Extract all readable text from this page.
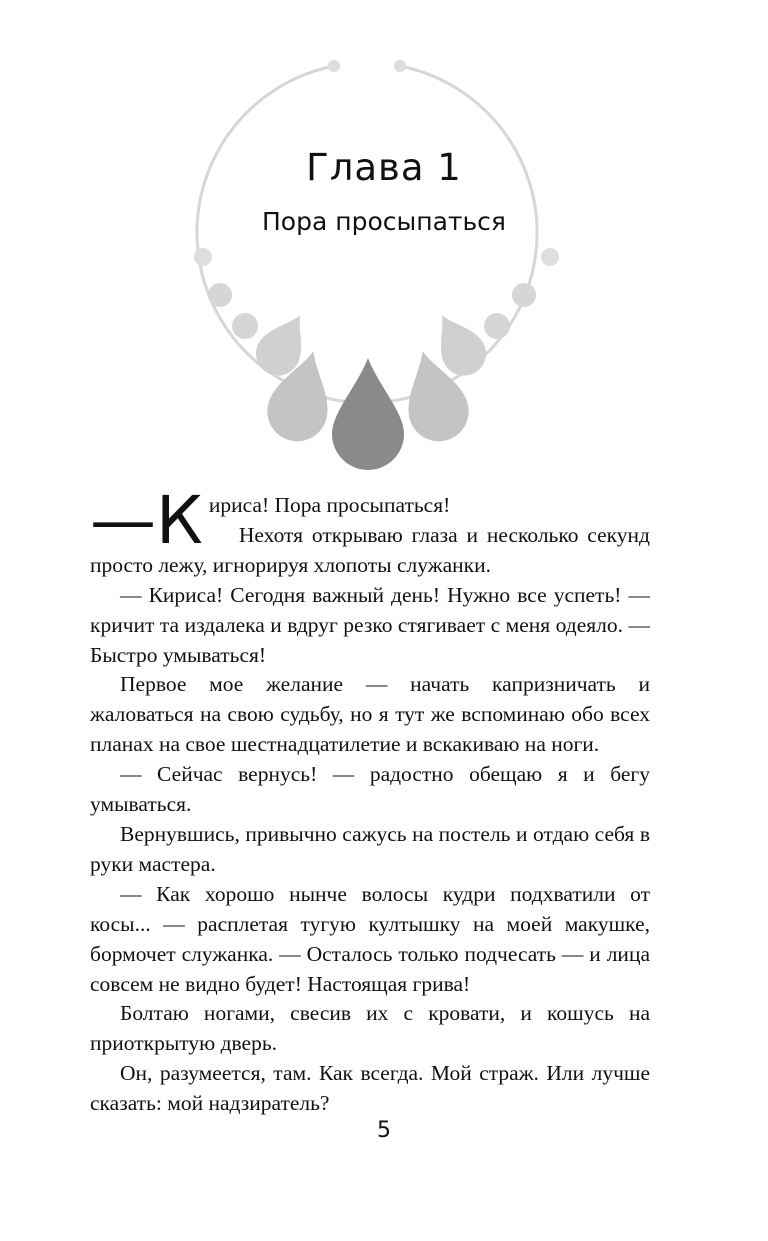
Глава 1
Пора просыпаться

—К ириса! Пора просыпаться!

Нехотя открываю глаза и несколько секунд просто лежу, игнорируя хлопоты служанки.

— Кириса! Сегодня важный день! Нужно все успеть! — кричит та издалека и вдруг резко стягивает с меня одеяло. — Быстро умываться!

Первое мое желание — начать капризничать и жаловаться на свою судьбу, но я тут же вспоминаю обо всех планах на свое шестнадцатилетие и вскакиваю на ноги.

— Сейчас вернусь! — радостно обещаю я и бегу умываться.

Вернувшись, привычно сажусь на постель и отдаю себя в руки мастера.

— Как хорошо нынче волосы кудри подхватили от косы... — расплетая тугую култышку на моей макушке, бормочет служанка. — Осталось только подчесать — и лица совсем не видно будет! Настоящая грива!

Болтаю ногами, свесив их с кровати, и кошусь на приоткрытую дверь.

Он, разумеется, там. Как всегда. Мой страж. Или лучше сказать: мой надзиратель?

5
